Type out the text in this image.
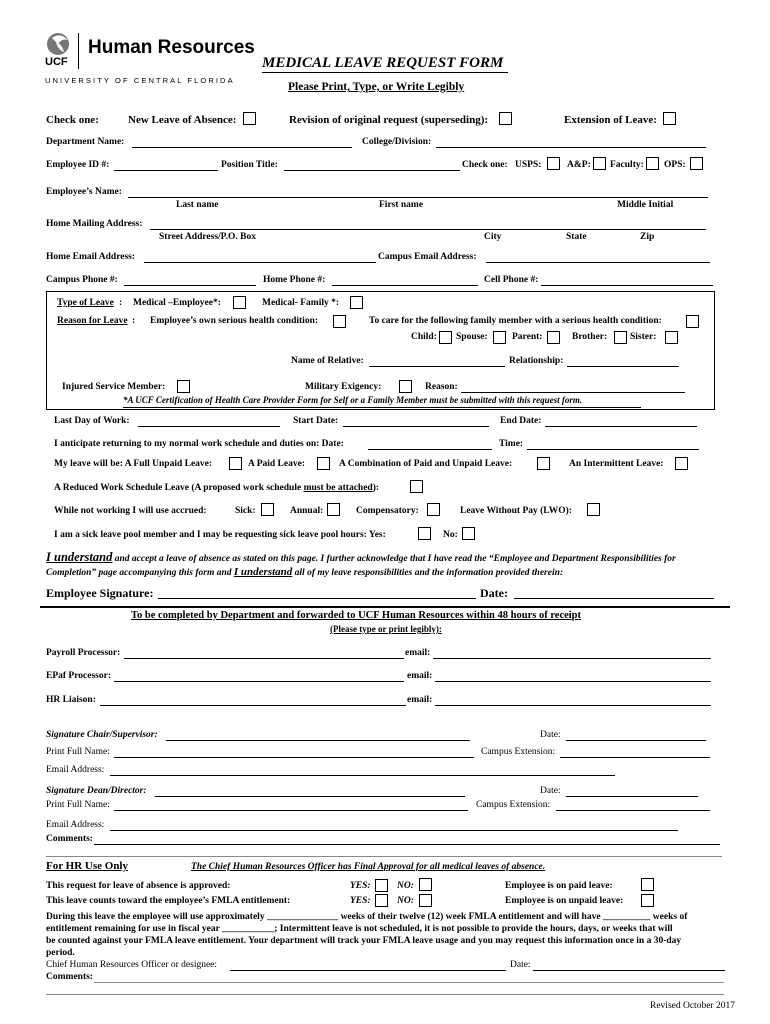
UCF
Human Resources
UNIVERSITY OF CENTRAL FLORIDA
MEDICAL LEAVE REQUEST FORM
Please Print, Type, or Write Legibly
Check one:	New Leave of Absence:	Revision of original request (superseding):	Extension of Leave:
Department Name:	College/Division:
Employee ID #:	Position Title:	Check one: USPS:	A&P: Faculty: OPS:
Employee’s Name:
Last name	First name	Middle Initial
Home Mailing Address:
Street Address/P.O. Box	City	State	Zip
Home Email Address:	Campus Email Address:
Campus Phone #:	Home Phone #:	Cell Phone #:
Type of Leave : Medical –Employee*:	Medical- Family *:
Reason for Leave : Employee’s own serious health condition:	To care for the following family member with a serious health condition:
Child: Spouse:	Parent:	Brother: Sister:
Name of Relative:	Relationship:
Injured Service Member:	Military Exigency:	Reason:
*A UCF Certification of Health Care Provider Form for Self or a Family Member must be submitted with this request form.
Last Day of Work:	Start Date:	End Date:
I anticipate returning to my normal work schedule and duties on: Date:	Time:
My leave will be: A Full Unpaid Leave:	A Paid Leave:	A Combination of Paid and Unpaid Leave:	An Intermittent Leave:
A Reduced Work Schedule Leave (A proposed work schedule must be attached):
While not working I will use accrued:	Sick:	Annual:	Compensatory:	Leave Without Pay (LWO):
I am a sick leave pool member and I may be requesting sick leave pool hours: Yes:	No:
I understand and accept a leave of absence as stated on this page. I further acknowledge that I have read the “Employee and Department Responsibilities for
Completion” page accompanying this form and I understand all of my leave responsibilities and the information provided therein:
Employee Signature:	Date:
To be completed by Department and forwarded to UCF Human Resources within 48 hours of receipt
(Please type or print legibly):
Payroll Processor:	email:
EPaf Processor:	email:
HR Liaison:	email:
Signature Chair/Supervisor:	Date:
Print Full Name:	Campus Extension:
Email Address:
Signature Dean/Director:	Date:
Print Full Name:	Campus Extension:
Email Address:
Comments:
For HR Use Only	The Chief Human Resources Officer has Final Approval for all medical leaves of absence.
This request for leave of absence is approved:	YES:	NO:	Employee is on paid leave:
This leave counts toward the employee’s FMLA entitlement:	YES:	NO:	Employee is on unpaid leave:
During this leave the employee will use approximately _______________ weeks of their twelve (12) week FMLA entitlement and will have __________ weeks of
entitlement remaining for use in fiscal year ___________; Intermittent leave is not scheduled, it is not possible to provide the hours, days, or weeks that will
be counted against your FMLA leave entitlement. Your department will track your FMLA leave usage and you may request this information once in a 30-day
period.
Chief Human Resources Officer or designee:	Date:
Comments:
Revised October 2017
